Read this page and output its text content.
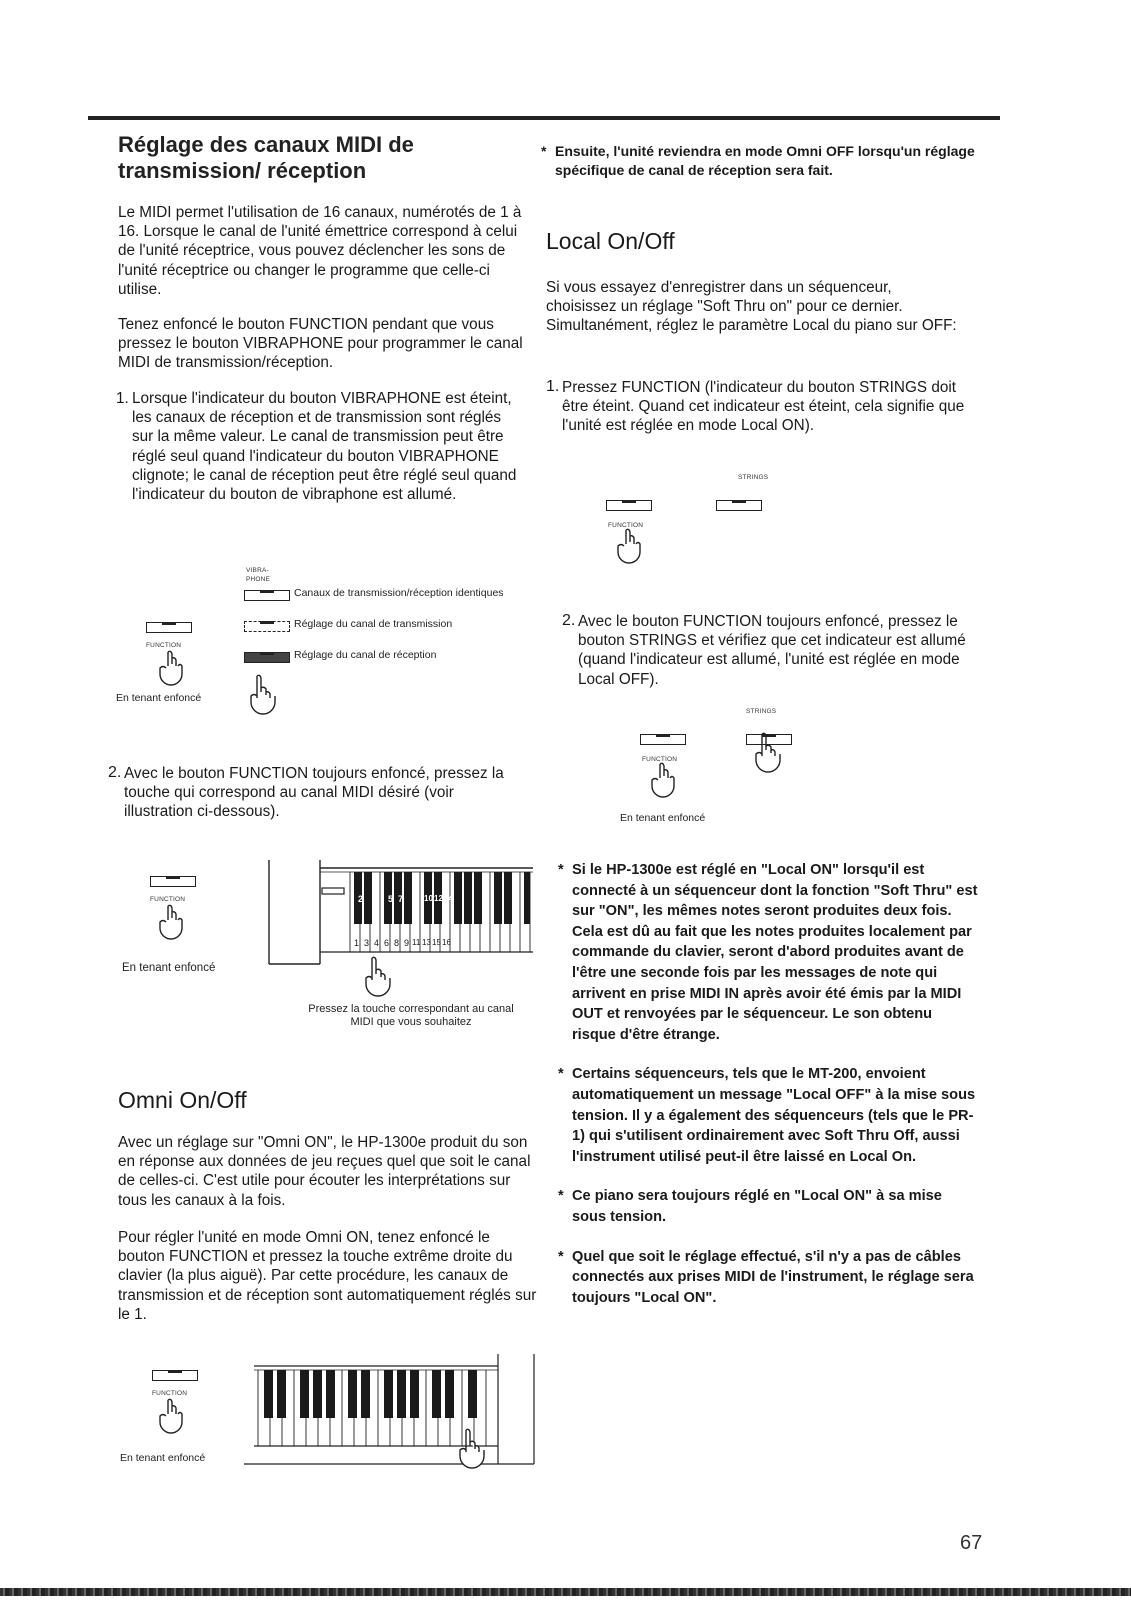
Réglage des canaux MIDI de transmission/ réception

Le MIDI permet l'utilisation de 16 canaux, numérotés de 1 à 16. Lorsque le canal de l'unité émettrice correspond à celui de l'unité réceptrice, vous pouvez déclencher les sons de l'unité réceptrice ou changer le programme que celle-ci utilise.

Tenez enfoncé le bouton FUNCTION pendant que vous pressez le bouton VIBRAPHONE pour programmer le canal MIDI de transmission/réception.

1. Lorsque l'indicateur du bouton VIBRAPHONE est éteint, les canaux de réception et de transmission sont réglés sur la même valeur. Le canal de transmission peut être réglé seul quand l'indicateur du bouton VIBRAPHONE clignote; le canal de réception peut être réglé seul quand l'indicateur du bouton de vibraphone est allumé.

VIBRA-PHONE
Canaux de transmission/réception identiques
Réglage du canal de transmission
Réglage du canal de réception
FUNCTION
En tenant enfoncé
2. Avec le bouton FUNCTION toujours enfoncé, pressez la touche qui correspond au canal MIDI désiré (voir illustration ci-dessous).

FUNCTION
En tenant enfoncé
2	5 7	10 12 14
1 3 4 6 8 9 11 13 15 16
Pressez la touche correspondant au canal MIDI que vous souhaitez
Omni On/Off

Avec un réglage sur "Omni ON", le HP-1300e produit du son en réponse aux données de jeu reçues quel que soit le canal de celles-ci. C'est utile pour écouter les interprétations sur tous les canaux à la fois.

Pour régler l'unité en mode Omni ON, tenez enfoncé le bouton FUNCTION et pressez la touche extrême droite du clavier (la plus aiguë). Par cette procédure, les canaux de transmission et de réception sont automatiquement réglés sur le 1.

FUNCTION
En tenant enfoncé
* Ensuite, l'unité reviendra en mode Omni OFF lorsqu'un réglage spécifique de canal de réception sera fait.
Local On/Off

Si vous essayez d'enregistrer dans un séquenceur, choisissez un réglage "Soft Thru on" pour ce dernier. Simultanément, réglez le paramètre Local du piano sur OFF:

1. Pressez FUNCTION (l'indicateur du bouton STRINGS doit être éteint. Quand cet indicateur est éteint, cela signifie que l'unité est réglée en mode Local ON).

STRINGS
FUNCTION
2. Avec le bouton FUNCTION toujours enfoncé, pressez le bouton STRINGS et vérifiez que cet indicateur est allumé (quand l'indicateur est allumé, l'unité est réglée en mode Local OFF).

STRINGS
FUNCTION
En tenant enfoncé
* Si le HP-1300e est réglé en "Local ON" lorsqu'il est connecté à un séquenceur dont la fonction "Soft Thru" est sur "ON", les mêmes notes seront produites deux fois. Cela est dû au fait que les notes produites localement par commande du clavier, seront d'abord produites avant de l'être une seconde fois par les messages de note qui arrivent en prise MIDI IN après avoir été émis par la MIDI OUT et renvoyées par le séquenceur. Le son obtenu risque d'être étrange.
* Certains séquenceurs, tels que le MT-200, envoient automatiquement un message "Local OFF" à la mise sous tension. Il y a également des séquenceurs (tels que le PR-1) qui s'utilisent ordinairement avec Soft Thru Off, aussi l'instrument utilisé peut-il être laissé en Local On.
* Ce piano sera toujours réglé en "Local ON" à sa mise sous tension.
* Quel que soit le réglage effectué, s'il n'y a pas de câbles connectés aux prises MIDI de l'instrument, le réglage sera toujours "Local ON".
67
